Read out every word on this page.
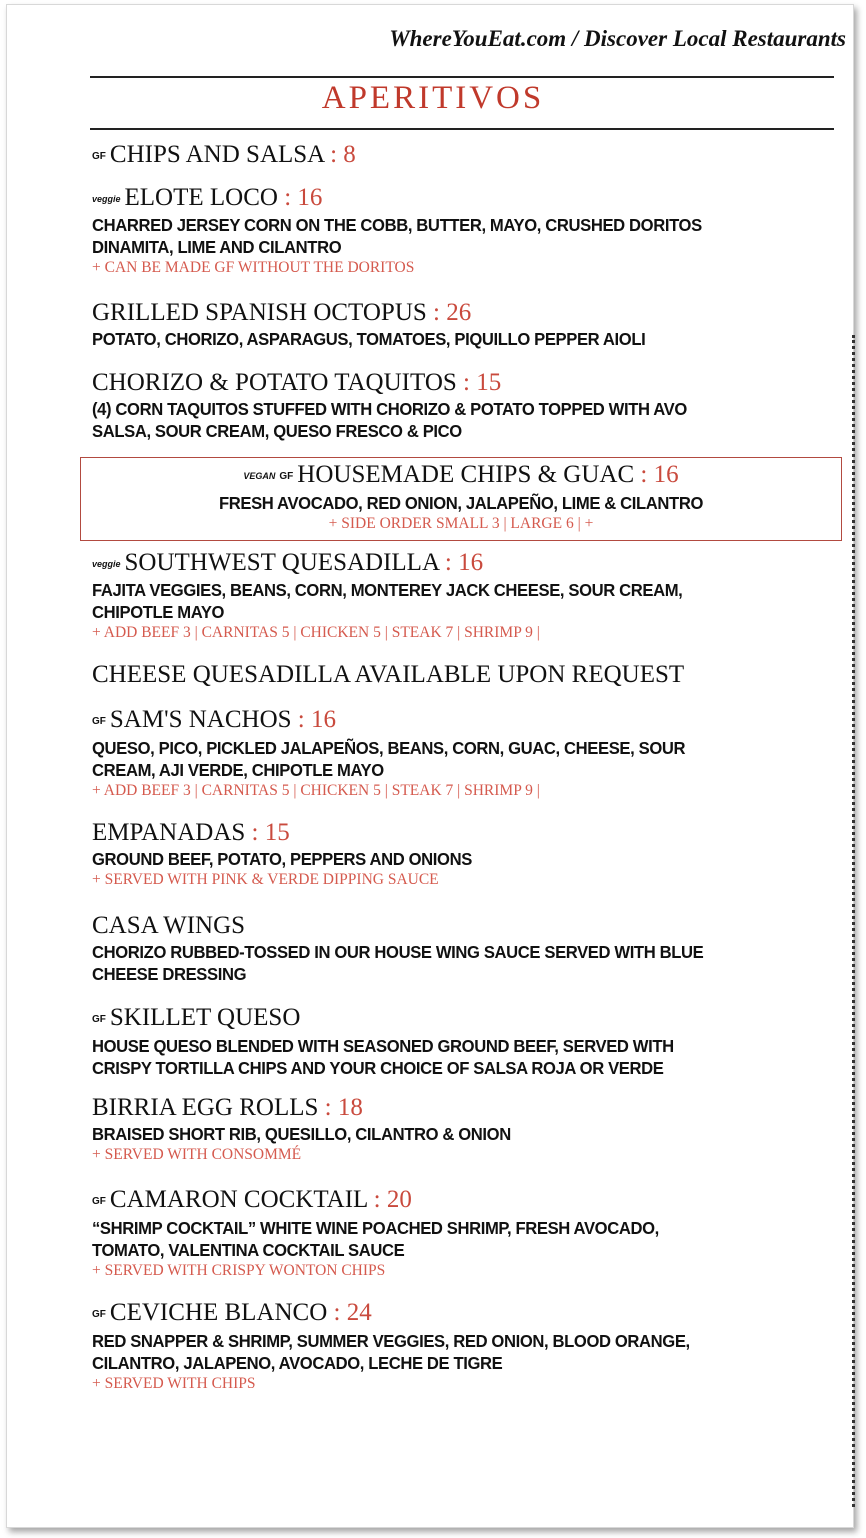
WhereYouEat.com / Discover Local Restaurants
APERITIVOS
GF CHIPS AND SALSA : 8
veggie ELOTE LOCO : 16
CHARRED JERSEY CORN ON THE COBB, BUTTER, MAYO, CRUSHED DORITOS
DINAMITA, LIME AND CILANTRO
+ CAN BE MADE GF WITHOUT THE DORITOS
GRILLED SPANISH OCTOPUS : 26
POTATO, CHORIZO, ASPARAGUS, TOMATOES, PIQUILLO PEPPER AIOLI
CHORIZO & POTATO TAQUITOS : 15
(4) CORN TAQUITOS STUFFED WITH CHORIZO & POTATO TOPPED WITH AVO
SALSA, SOUR CREAM, QUESO FRESCO & PICO
VEGAN GF HOUSEMADE CHIPS & GUAC : 16
FRESH AVOCADO, RED ONION, JALAPEÑO, LIME & CILANTRO
+ SIDE ORDER SMALL 3 | LARGE 6 | +
veggie SOUTHWEST QUESADILLA : 16
FAJITA VEGGIES, BEANS, CORN, MONTEREY JACK CHEESE, SOUR CREAM,
CHIPOTLE MAYO
+ ADD BEEF 3 | CARNITAS 5 | CHICKEN 5 | STEAK 7 | SHRIMP 9 |
CHEESE QUESADILLA AVAILABLE UPON REQUEST
GF SAM'S NACHOS : 16
QUESO, PICO, PICKLED JALAPEÑOS, BEANS, CORN, GUAC, CHEESE, SOUR
CREAM, AJI VERDE, CHIPOTLE MAYO
+ ADD BEEF 3 | CARNITAS 5 | CHICKEN 5 | STEAK 7 | SHRIMP 9 |
EMPANADAS : 15
GROUND BEEF, POTATO, PEPPERS AND ONIONS
+ SERVED WITH PINK & VERDE DIPPING SAUCE
CASA WINGS
CHORIZO RUBBED-TOSSED IN OUR HOUSE WING SAUCE SERVED WITH BLUE
CHEESE DRESSING
GF SKILLET QUESO
HOUSE QUESO BLENDED WITH SEASONED GROUND BEEF, SERVED WITH
CRISPY TORTILLA CHIPS AND YOUR CHOICE OF SALSA ROJA OR VERDE
BIRRIA EGG ROLLS : 18
BRAISED SHORT RIB, QUESILLO, CILANTRO & ONION
+ SERVED WITH CONSOMMÉ
GF CAMARON COCKTAIL : 20
“SHRIMP COCKTAIL” WHITE WINE POACHED SHRIMP, FRESH AVOCADO,
TOMATO, VALENTINA COCKTAIL SAUCE
+ SERVED WITH CRISPY WONTON CHIPS
GF CEVICHE BLANCO : 24
RED SNAPPER & SHRIMP, SUMMER VEGGIES, RED ONION, BLOOD ORANGE,
CILANTRO, JALAPENO, AVOCADO, LECHE DE TIGRE
+ SERVED WITH CHIPS
